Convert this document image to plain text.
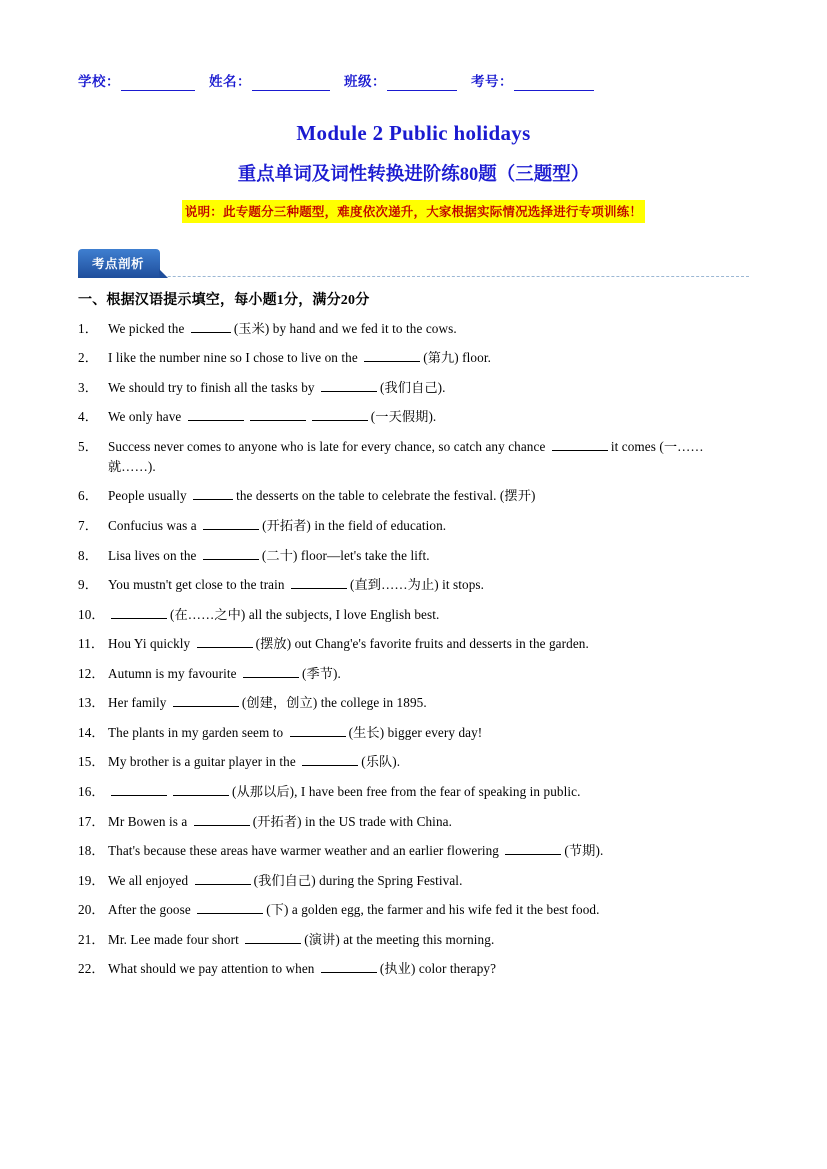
学校：	姓名：	班级：	考号：
Module 2 Public holidays
重点单词及词性转换进阶练80题（三题型）
说明：此专题分三种题型，难度依次递升，大家根据实际情况选择进行专项训练！
考点剖析
一、根据汉语提示填空，每小题1分，满分20分
1． We picked the	(玉米) by hand and we fed it to the cows.
2． I like the number nine so I chose to live on the	(第九) floor.
3． We should try to finish all the tasks by	(我们自己).
4． We only have	(一天假期).
5． Success never comes to anyone who is late for every chance, so catch any chance	it comes (一……就……).
6． People usually	the desserts on the table to celebrate the festival. (摆开)
7． Confucius was a	(开拓者) in the field of education.
8． Lisa lives on the	(二十) floor—let's take the lift.
9． You mustn't get close to the train	(直到……为止) it stops.
10．	(在……之中) all the subjects, I love English best.
11． Hou Yi quickly	(摆放) out Chang'e's favorite fruits and desserts in the garden.
12． Autumn is my favourite	(季节).
13． Her family	(创建，创立) the college in 1895.
14． The plants in my garden seem to	(生长) bigger every day!
15． My brother is a guitar player in the	(乐队).
16．	(从那以后), I have been free from the fear of speaking in public.
17． Mr Bowen is a	(开拓者) in the US trade with China.
18． That's because these areas have warmer weather and an earlier flowering	(节期).
19． We all enjoyed	(我们自己) during the Spring Festival.
20． After the goose	(下) a golden egg, the farmer and his wife fed it the best food.
21． Mr. Lee made four short	(演讲) at the meeting this morning.
22． What should we pay attention to when	(执业) color therapy?
